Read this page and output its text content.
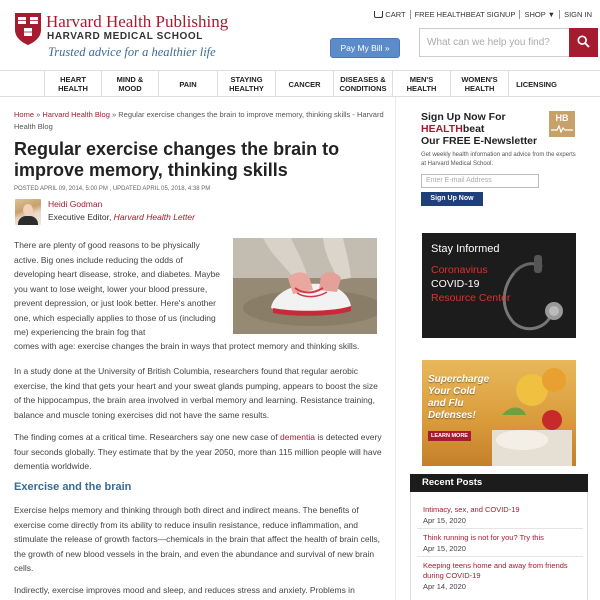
Harvard Health Publishing
HARVARD MEDICAL SCHOOL
Trusted advice for a healthier life
CART	FREE HEALTHBEAT SIGNUP	SHOP ▼	SIGN IN
Pay My Bill »	What can we help you find?
HEART HEALTH
MIND & MOOD	PAIN	STAYING HEALTHY	CANCER	DISEASES & CONDITIONS
MEN'S HEALTH
WOMEN'S HEALTH	LICENSING
Home » Harvard Health Blog » Regular exercise changes the brain to improve memory, thinking skills - Harvard Health Blog
Regular exercise changes the brain to improve memory, thinking skills
POSTED APRIL 09, 2014, 5:00 PM , UPDATED APRIL 05, 2018, 4:38 PM
Heidi Godman
Executive Editor, Harvard Health Letter

There are plenty of good reasons to be physically active. Big ones include reducing the odds of developing heart disease, stroke, and diabetes. Maybe you want to lose weight, lower your blood pressure, prevent depression, or just look better. Here's another one, which especially applies to those of us (including me) experiencing the brain fog that

comes with age: exercise changes the brain in ways that protect memory and thinking skills.

In a study done at the University of British Columbia, researchers found that regular aerobic exercise, the kind that gets your heart and your sweat glands pumping, appears to boost the size of the hippocampus, the brain area involved in verbal memory and learning. Resistance training, balance and muscle toning exercises did not have the same results.

The finding comes at a critical time. Researchers say one new case of dementia is detected every four seconds globally. They estimate that by the year 2050, more than 115 million people will have dementia worldwide.

Exercise and the brain

Exercise helps memory and thinking through both direct and indirect means. The benefits of exercise come directly from its ability to reduce insulin resistance, reduce inflammation, and stimulate the release of growth factors—chemicals in the brain that affect the health of brain cells, the growth of new blood vessels in the brain, and even the abundance and survival of new brain cells.

Indirectly, exercise improves mood and sleep, and reduces stress and anxiety. Problems in

Sign Up Now For
HEALTHbeat
Our FREE E-Newsletter
HB
Get weekly health information and advice from the experts at Harvard Medical School.
Enter E-mail Address
Sign Up Now
Stay Informed
Coronavirus
COVID-19
Resource Center
Supercharge
Your Cold
and Flu
Defenses!
LEARN MORE
Recent Posts
Intimacy, sex, and COVID-19
Apr 15, 2020
Think running is not for you? Try this
Apr 15, 2020
Keeping teens home and away from friends during COVID-19
Apr 14, 2020
